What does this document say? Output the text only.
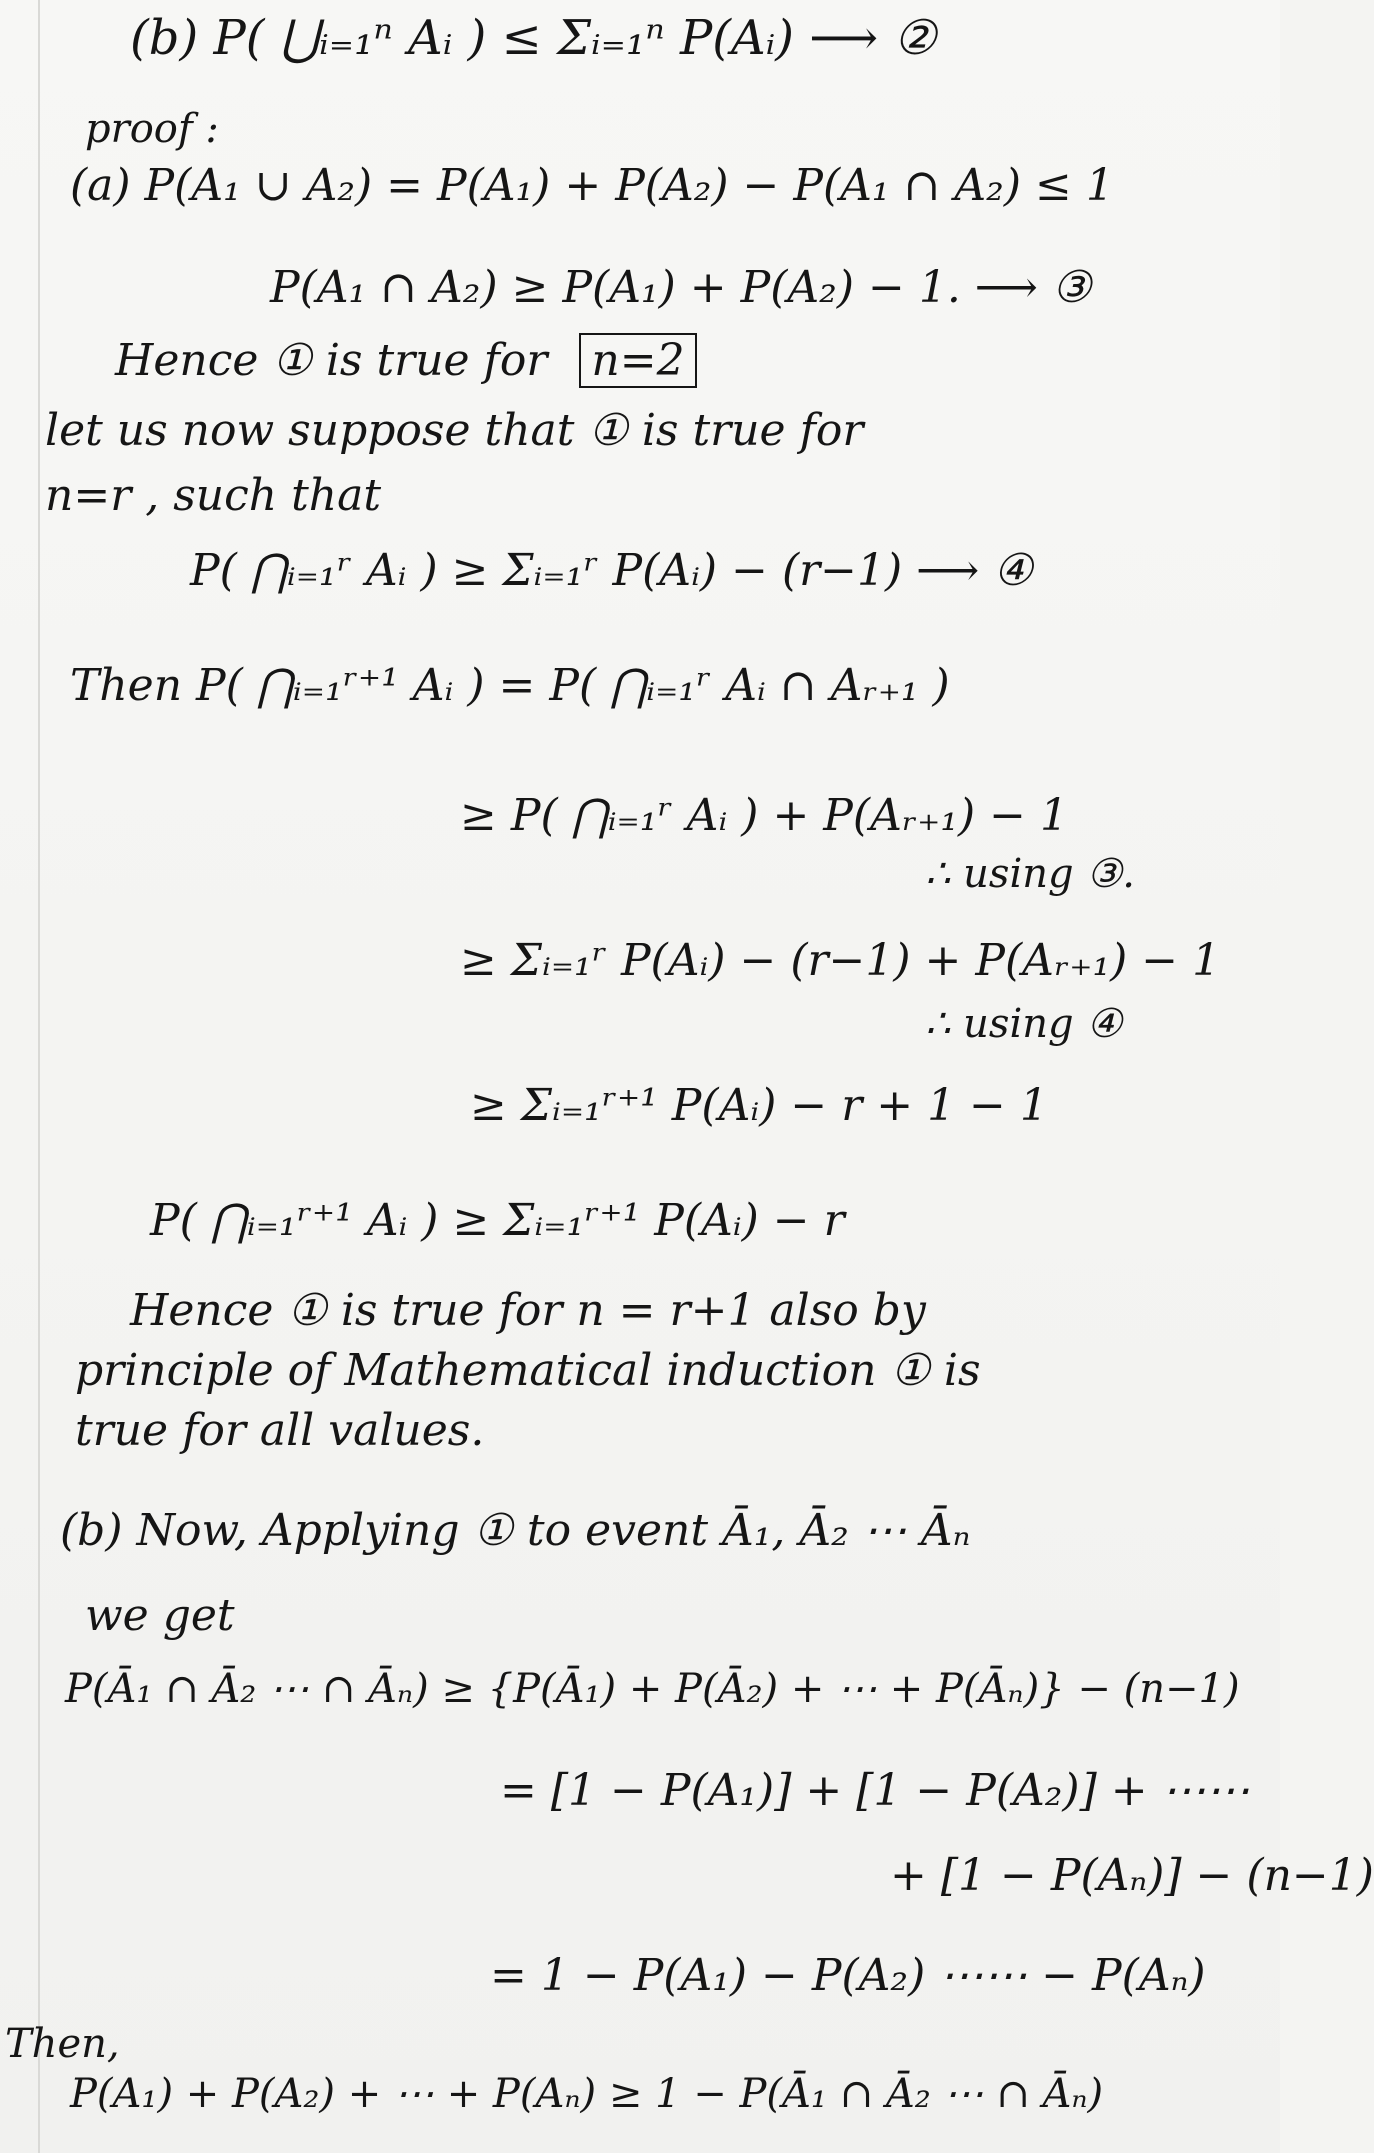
(b) P( ⋃ᵢ₌₁ⁿ Aᵢ ) ≤ Σᵢ₌₁ⁿ P(Aᵢ) ⟶ ②
proof :
(a) P(A₁ ∪ A₂) = P(A₁) + P(A₂) − P(A₁ ∩ A₂) ≤ 1
P(A₁ ∩ A₂) ≥ P(A₁) + P(A₂) − 1. ⟶ ③
Hence ① is true for n=2
let us now suppose that ① is true for
n=r , such that
P( ⋂ᵢ₌₁ʳ Aᵢ ) ≥ Σᵢ₌₁ʳ P(Aᵢ) − (r−1) ⟶ ④
Then P( ⋂ᵢ₌₁ʳ⁺¹ Aᵢ ) = P( ⋂ᵢ₌₁ʳ Aᵢ ∩ Aᵣ₊₁ )
≥ P( ⋂ᵢ₌₁ʳ Aᵢ ) + P(Aᵣ₊₁) − 1
∴ using ③.
≥ Σᵢ₌₁ʳ P(Aᵢ) − (r−1) + P(Aᵣ₊₁) − 1
∴ using ④
≥ Σᵢ₌₁ʳ⁺¹ P(Aᵢ) − r + 1 − 1
P( ⋂ᵢ₌₁ʳ⁺¹ Aᵢ ) ≥ Σᵢ₌₁ʳ⁺¹ P(Aᵢ) − r
Hence ① is true for n = r+1 also by
principle of Mathematical induction ① is
true for all values.
(b) Now, Applying ① to event Ā₁, Ā₂ ⋯ Āₙ
we get
P(Ā₁ ∩ Ā₂ ⋯ ∩ Āₙ) ≥ {P(Ā₁) + P(Ā₂) + ⋯ + P(Āₙ)} − (n−1)
= [1 − P(A₁)] + [1 − P(A₂)] + ⋯⋯
+ [1 − P(Aₙ)] − (n−1)
= 1 − P(A₁) − P(A₂) ⋯⋯ − P(Aₙ)
Then,
P(A₁) + P(A₂) + ⋯ + P(Aₙ) ≥ 1 − P(Ā₁ ∩ Ā₂ ⋯ ∩ Āₙ)
